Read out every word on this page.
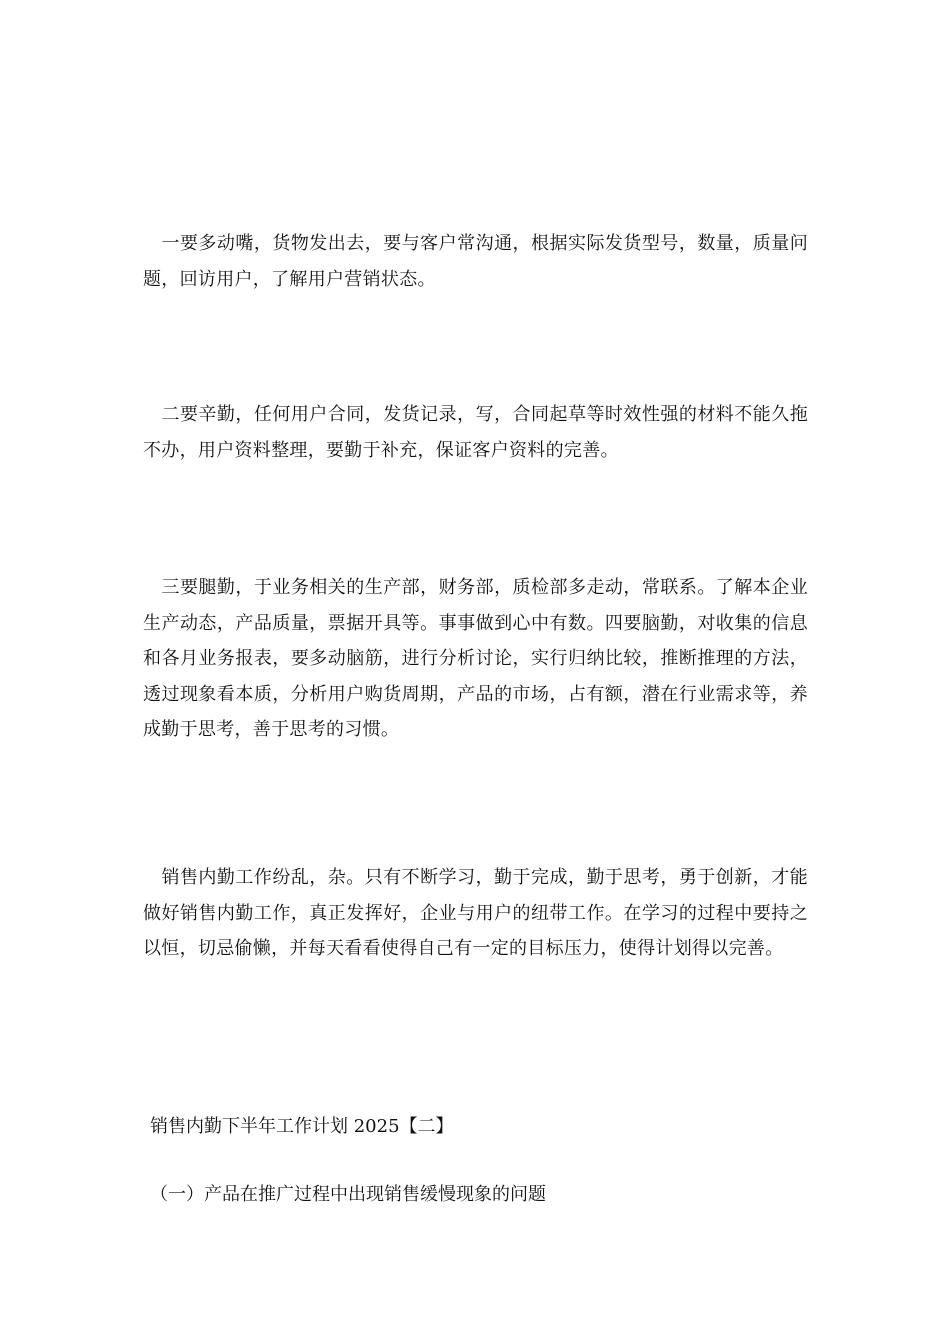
　一要多动嘴，货物发出去，要与客户常沟通，根据实际发货型号，数量，质量问题，回访用户，了解用户营销状态。

　二要辛勤，任何用户合同，发货记录，写，合同起草等时效性强的材料不能久拖不办，用户资料整理，要勤于补充，保证客户资料的完善。

　三要腿勤，于业务相关的生产部，财务部，质检部多走动，常联系。了解本企业生产动态，产品质量，票据开具等。事事做到心中有数。四要脑勤，对收集的信息和各月业务报表，要多动脑筋，进行分析讨论，实行归纳比较，推断推理的方法，透过现象看本质，分析用户购货周期，产品的市场，占有额，潜在行业需求等，养成勤于思考，善于思考的习惯。

　销售内勤工作纷乱，杂。只有不断学习，勤于完成，勤于思考，勇于创新，才能做好销售内勤工作，真正发挥好，企业与用户的纽带工作。在学习的过程中要持之以恒，切忌偷懒，并每天看看使得自己有一定的目标压力，使得计划得以完善。

销售内勤下半年工作计划 2025【二】

（一）产品在推广过程中出现销售缓慢现象的问题
